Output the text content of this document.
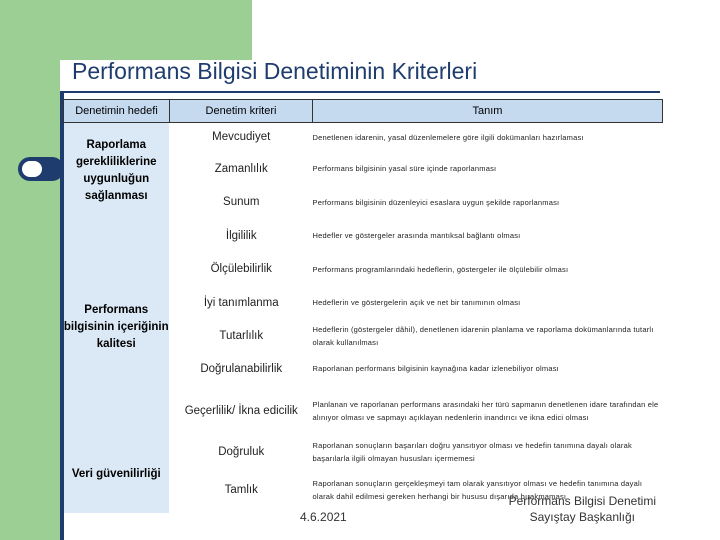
Performans Bilgisi Denetiminin Kriterleri
Denetimin hedefi	Denetim kriteri	Tanım
Raporlama gerekliliklerine uygunluğun sağlanması	Mevcudiyet	Denetlenen idarenin, yasal düzenlemelere göre ilgili dokümanları hazırlaması
	Zamanlılık	Performans bilgisinin yasal süre içinde raporlanması
	Sunum	Performans bilgisinin düzenleyici esaslara uygun şekilde raporlanması
Performans bilgisinin içeriğinin kalitesi	İlgililik	Hedefler ve göstergeler arasında mantıksal bağlantı olması
	Ölçülebilirlik	Performans programlarındaki hedeflerin, göstergeler ile ölçülebilir olması
	İyi tanımlanma	Hedeflerin ve göstergelerin açık ve net bir tanımının olması
	Tutarlılık	Hedeflerin (göstergeler dâhil), denetlenen idarenin planlama ve raporlama dokümanlarında tutarlı olarak kullanılması
	Doğrulanabilirlik	Raporlanan performans bilgisinin kaynağına kadar izlenebiliyor olması
	Geçerlilik/ İkna edicilik	Planlanan ve raporlanan performans arasındaki her türü sapmanın denetlenen idare tarafından ele alınıyor olması ve sapmayı açıklayan nedenlerin inandırıcı ve ikna edici olması
Veri güvenilirliği	Doğruluk	Raporlanan sonuçların başarıları doğru yansıtıyor olması ve hedefin tanımına dayalı olarak başarılarla ilgili olmayan hususları içermemesi
	Tamlık	Raporlanan sonuçların gerçekleşmeyi tam olarak yansıtıyor olması ve hedefin tanımına dayalı olarak dahil edilmesi gereken herhangi bir hususu dışarıda bırakmaması
4.6.2021
Performans Bilgisi Denetimi
Sayıştay Başkanlığı
